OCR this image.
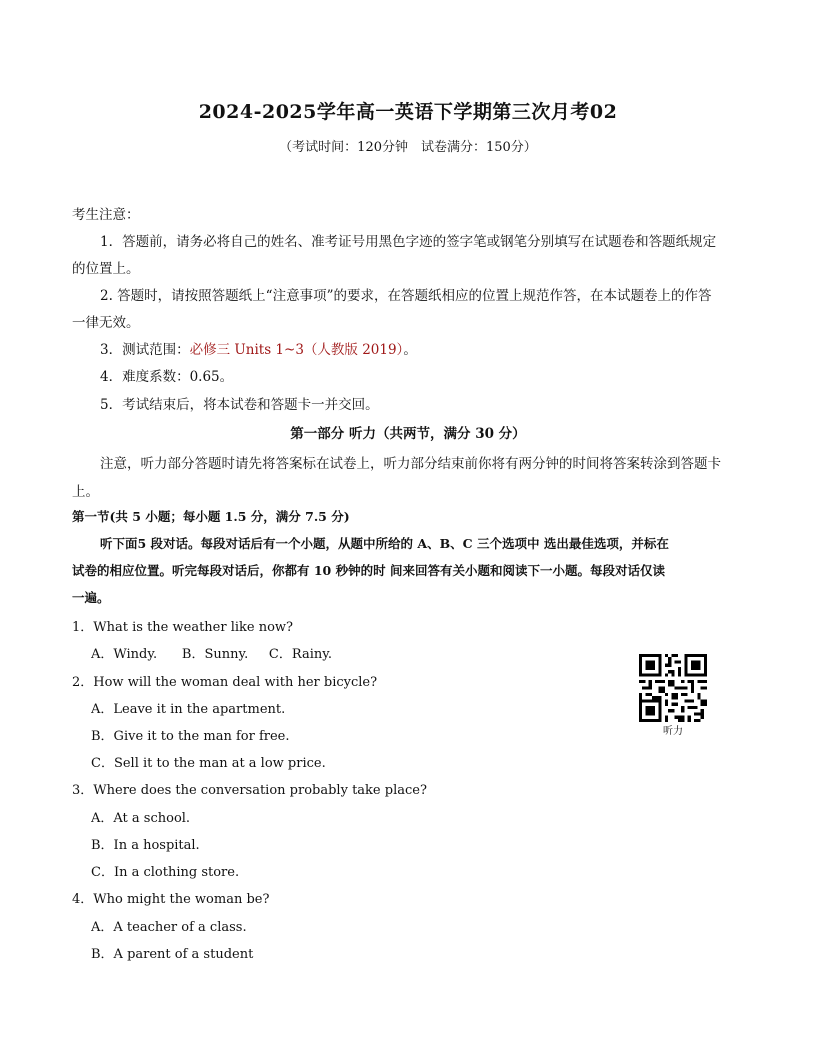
2024-2025学年高一英语下学期第三次月考02
（考试时间：120分钟　试卷满分：150分）
考生注意：
1．答题前，请务必将自己的姓名、准考证号用黑色字迹的签字笔或钢笔分别填写在试题卷和答题纸规定
的位置上。
2. 答题时，请按照答题纸上“注意事项”的要求，在答题纸相应的位置上规范作答，在本试题卷上的作答
一律无效。
3．测试范围：必修三 Units 1~3（人教版 2019）。
4．难度系数：0.65。
5．考试结束后，将本试卷和答题卡一并交回。
第一部分 听力（共两节，满分 30 分）
注意，听力部分答题时请先将答案标在试卷上，听力部分结束前你将有两分钟的时间将答案转涂到答题卡
上。
第一节(共 5 小题；每小题 1.5 分，满分 7.5 分)
听下面5 段对话。每段对话后有一个小题，从题中所给的 A、B、C 三个选项中 选出最佳选项，并标在
试卷的相应位置。听完每段对话后，你都有 10 秒钟的时 间来回答有关小题和阅读下一小题。每段对话仅读
一遍。
1．What is the weather like now?
A．Windy.      B．Sunny.     C．Rainy.
2．How will the woman deal with her bicycle?
A．Leave it in the apartment.
B．Give it to the man for free.
C．Sell it to the man at a low price.
3．Where does the conversation probably take place?
A．At a school.
B．In a hospital.
C．In a clothing store.
4．Who might the woman be?
A．A teacher of a class.
B．A parent of a student
听力
